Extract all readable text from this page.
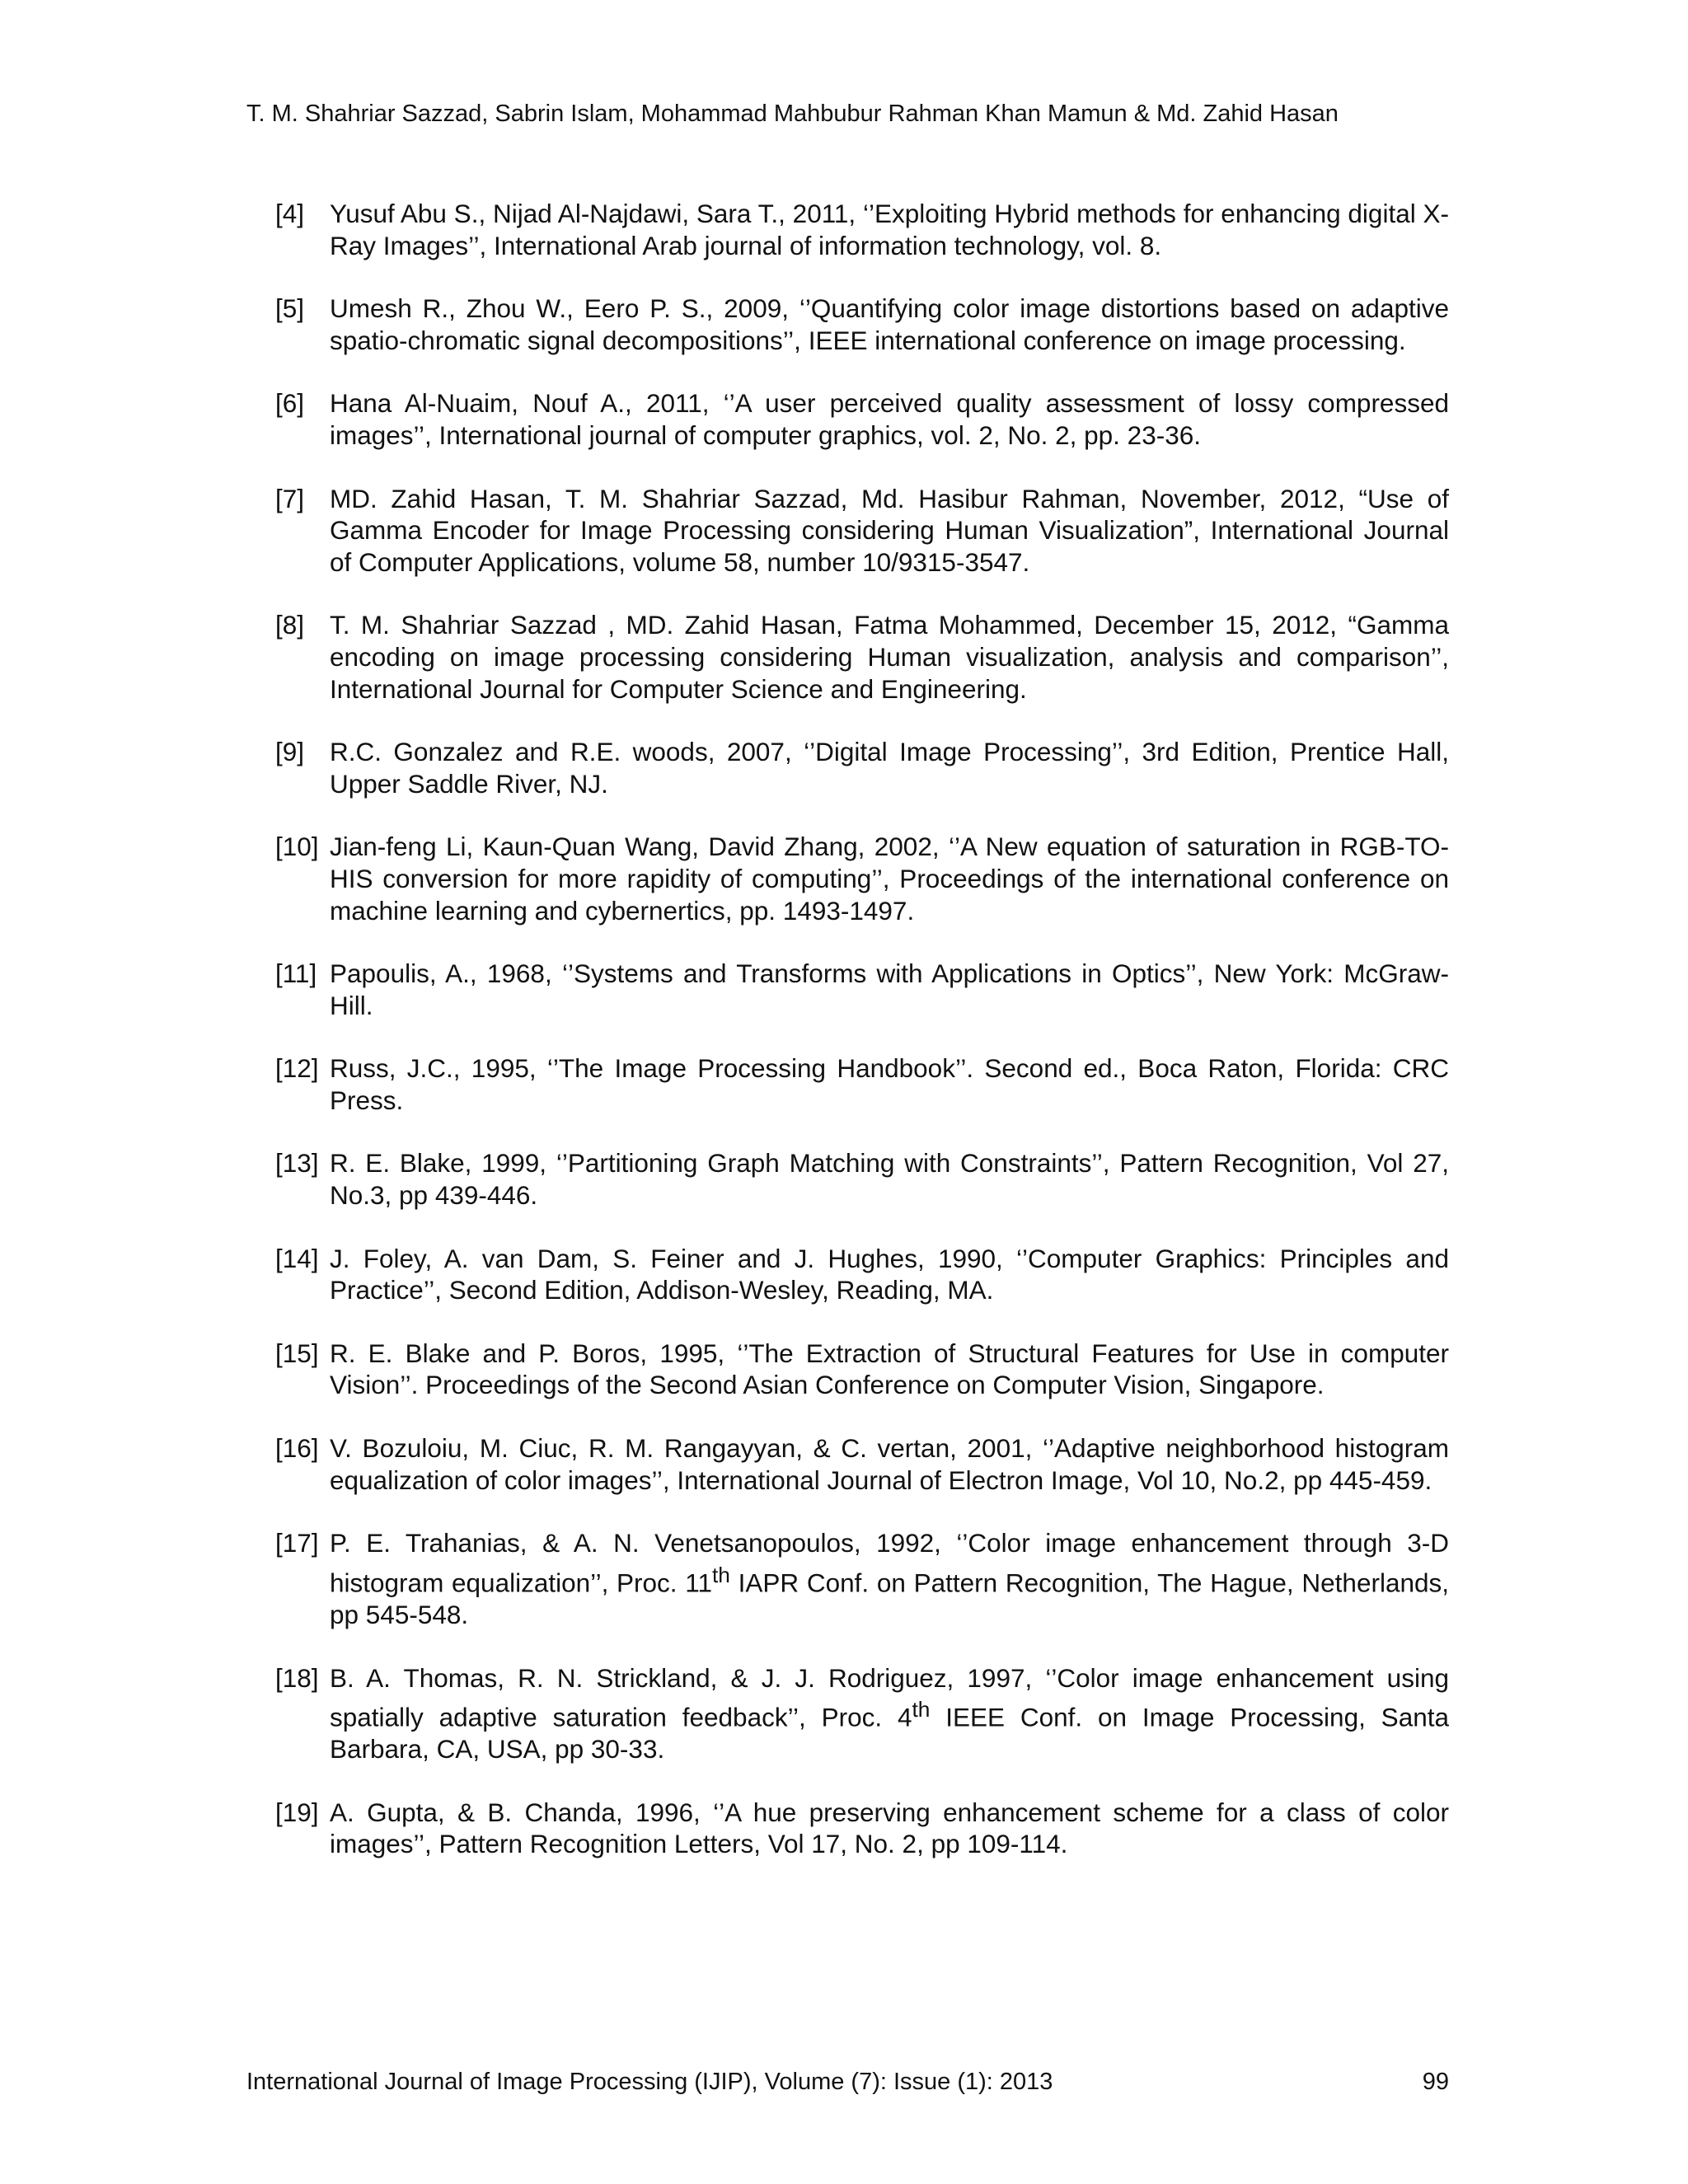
T. M. Shahriar Sazzad, Sabrin Islam, Mohammad Mahbubur Rahman Khan Mamun & Md. Zahid Hasan
[4] Yusuf Abu S., Nijad Al-Najdawi, Sara T., 2011, ‘’Exploiting Hybrid methods for enhancing digital X-Ray Images’’, International Arab journal of information technology, vol. 8.
[5] Umesh R., Zhou W., Eero P. S., 2009, ‘’Quantifying color image distortions based on adaptive spatio-chromatic signal decompositions’’, IEEE international conference on image processing.
[6] Hana Al-Nuaim, Nouf A., 2011, ‘’A user perceived quality assessment of lossy compressed images’’, International journal of computer graphics, vol. 2, No. 2, pp. 23-36.
[7] MD. Zahid Hasan, T. M. Shahriar Sazzad, Md. Hasibur Rahman, November, 2012, “Use of Gamma Encoder for Image Processing considering Human Visualization”, International Journal of Computer Applications, volume 58, number 10/9315-3547.
[8] T. M. Shahriar Sazzad , MD. Zahid Hasan, Fatma Mohammed, December 15, 2012, “Gamma encoding on image processing considering Human visualization, analysis and comparison’’, International Journal for Computer Science and Engineering.
[9] R.C. Gonzalez and R.E. woods, 2007, ‘’Digital Image Processing’’, 3rd Edition, Prentice Hall, Upper Saddle River, NJ.
[10] Jian-feng Li, Kaun-Quan Wang, David Zhang, 2002, ‘’A New equation of saturation in RGB-TO-HIS conversion for more rapidity of computing’’, Proceedings of the international conference on machine learning and cybernertics, pp. 1493-1497.
[11] Papoulis, A., 1968, ‘’Systems and Transforms with Applications in Optics’’, New York: McGraw-Hill.
[12] Russ, J.C., 1995, ‘’The Image Processing Handbook’’. Second ed., Boca Raton, Florida: CRC Press.
[13] R. E. Blake, 1999, ‘’Partitioning Graph Matching with Constraints’’, Pattern Recognition, Vol 27, No.3, pp 439-446.
[14] J. Foley, A. van Dam, S. Feiner and J. Hughes, 1990, ‘’Computer Graphics: Principles and Practice’’, Second Edition, Addison-Wesley, Reading, MA.
[15] R. E. Blake and P. Boros, 1995, ‘’The Extraction of Structural Features for Use in computer Vision’’. Proceedings of the Second Asian Conference on Computer Vision, Singapore.
[16] V. Bozuloiu, M. Ciuc, R. M. Rangayyan, & C. vertan, 2001, ‘’Adaptive neighborhood histogram equalization of color images’’, International Journal of Electron Image, Vol 10, No.2, pp 445-459.
[17] P. E. Trahanias, & A. N. Venetsanopoulos, 1992, ‘’Color image enhancement through 3-D histogram equalization’’, Proc. 11th IAPR Conf. on Pattern Recognition, The Hague, Netherlands, pp 545-548.
[18] B. A. Thomas, R. N. Strickland, & J. J. Rodriguez, 1997, ‘’Color image enhancement using spatially adaptive saturation feedback’’, Proc. 4th IEEE Conf. on Image Processing, Santa Barbara, CA, USA, pp 30-33.
[19] A. Gupta, & B. Chanda, 1996, ‘’A hue preserving enhancement scheme for a class of color images’’, Pattern Recognition Letters, Vol 17, No. 2, pp 109-114.
International Journal of Image Processing (IJIP), Volume (7): Issue (1): 2013	99
